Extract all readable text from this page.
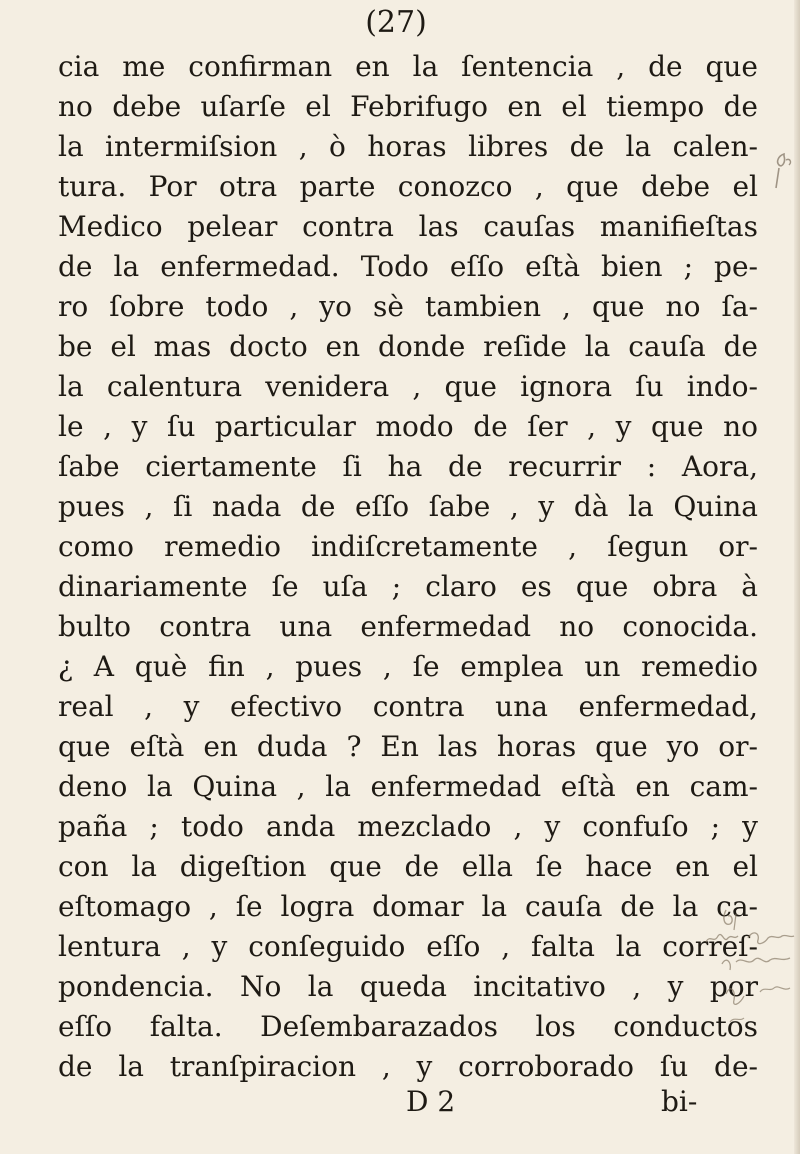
(27)
cia me confirman en la ſentencia , de que
no debe uſarſe el Febrifugo en el tiempo de
la intermiſsion , ò horas libres de la calen-
tura. Por otra parte conozco , que debe el
Medico pelear contra las cauſas manifieſtas
de la enfermedad. Todo eſſo eſtà bien ; pe-
ro ſobre todo , yo sè tambien , que no ſa-
be el mas docto en donde reſide la cauſa de
la calentura venidera , que ignora ſu indo-
le , y ſu particular modo de ſer , y que no
ſabe ciertamente ſi ha de recurrir : Aora,
pues , ſi nada de eſſo ſabe , y dà la Quina
como remedio indiſcretamente , ſegun or-
dinariamente ſe uſa ; claro es que obra à
bulto contra una enfermedad no conocida.
¿ A què fin , pues , ſe emplea un remedio
real , y efectivo contra una enfermedad,
que eſtà en duda ? En las horas que yo or-
deno la Quina , la enfermedad eſtà en cam-
paña ; todo anda mezclado , y confuſo ; y
con la digeſtion que de ella ſe hace en el
eſtomago , ſe logra domar la cauſa de la ca-
lentura , y conſeguido eſſo , falta la correſ-
pondencia. No la queda incitativo , y por
eſſo falta. Deſembarazados los conductos
de la tranſpiracion , y corroborado ſu de-
D 2	bi-
